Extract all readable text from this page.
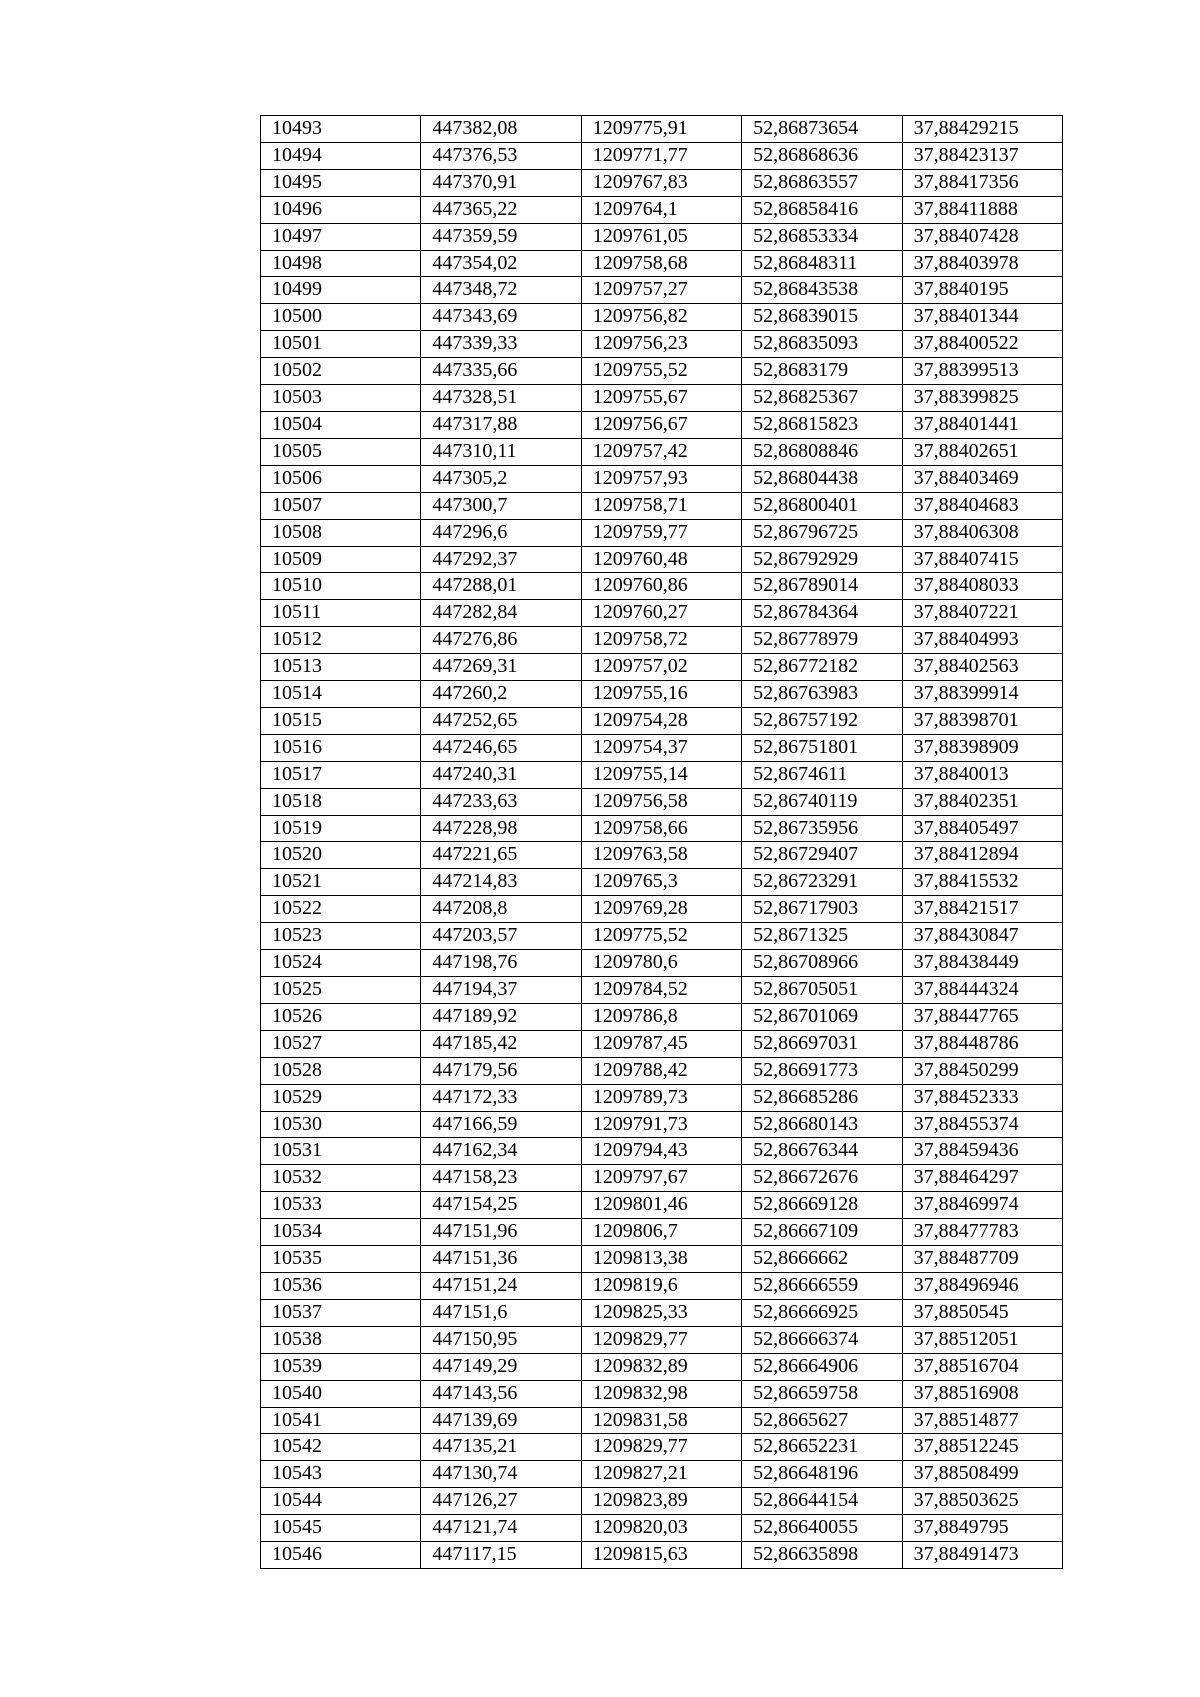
10493	447382,08	1209775,91	52,86873654	37,88429215
10494	447376,53	1209771,77	52,86868636	37,88423137
10495	447370,91	1209767,83	52,86863557	37,88417356
10496	447365,22	1209764,1	52,86858416	37,88411888
10497	447359,59	1209761,05	52,86853334	37,88407428
10498	447354,02	1209758,68	52,86848311	37,88403978
10499	447348,72	1209757,27	52,86843538	37,8840195
10500	447343,69	1209756,82	52,86839015	37,88401344
10501	447339,33	1209756,23	52,86835093	37,88400522
10502	447335,66	1209755,52	52,8683179	37,88399513
10503	447328,51	1209755,67	52,86825367	37,88399825
10504	447317,88	1209756,67	52,86815823	37,88401441
10505	447310,11	1209757,42	52,86808846	37,88402651
10506	447305,2	1209757,93	52,86804438	37,88403469
10507	447300,7	1209758,71	52,86800401	37,88404683
10508	447296,6	1209759,77	52,86796725	37,88406308
10509	447292,37	1209760,48	52,86792929	37,88407415
10510	447288,01	1209760,86	52,86789014	37,88408033
10511	447282,84	1209760,27	52,86784364	37,88407221
10512	447276,86	1209758,72	52,86778979	37,88404993
10513	447269,31	1209757,02	52,86772182	37,88402563
10514	447260,2	1209755,16	52,86763983	37,88399914
10515	447252,65	1209754,28	52,86757192	37,88398701
10516	447246,65	1209754,37	52,86751801	37,88398909
10517	447240,31	1209755,14	52,8674611	37,8840013
10518	447233,63	1209756,58	52,86740119	37,88402351
10519	447228,98	1209758,66	52,86735956	37,88405497
10520	447221,65	1209763,58	52,86729407	37,88412894
10521	447214,83	1209765,3	52,86723291	37,88415532
10522	447208,8	1209769,28	52,86717903	37,88421517
10523	447203,57	1209775,52	52,8671325	37,88430847
10524	447198,76	1209780,6	52,86708966	37,88438449
10525	447194,37	1209784,52	52,86705051	37,88444324
10526	447189,92	1209786,8	52,86701069	37,88447765
10527	447185,42	1209787,45	52,86697031	37,88448786
10528	447179,56	1209788,42	52,86691773	37,88450299
10529	447172,33	1209789,73	52,86685286	37,88452333
10530	447166,59	1209791,73	52,86680143	37,88455374
10531	447162,34	1209794,43	52,86676344	37,88459436
10532	447158,23	1209797,67	52,86672676	37,88464297
10533	447154,25	1209801,46	52,86669128	37,88469974
10534	447151,96	1209806,7	52,86667109	37,88477783
10535	447151,36	1209813,38	52,8666662	37,88487709
10536	447151,24	1209819,6	52,86666559	37,88496946
10537	447151,6	1209825,33	52,86666925	37,8850545
10538	447150,95	1209829,77	52,86666374	37,88512051
10539	447149,29	1209832,89	52,86664906	37,88516704
10540	447143,56	1209832,98	52,86659758	37,88516908
10541	447139,69	1209831,58	52,8665627	37,88514877
10542	447135,21	1209829,77	52,86652231	37,88512245
10543	447130,74	1209827,21	52,86648196	37,88508499
10544	447126,27	1209823,89	52,86644154	37,88503625
10545	447121,74	1209820,03	52,86640055	37,8849795
10546	447117,15	1209815,63	52,86635898	37,88491473
